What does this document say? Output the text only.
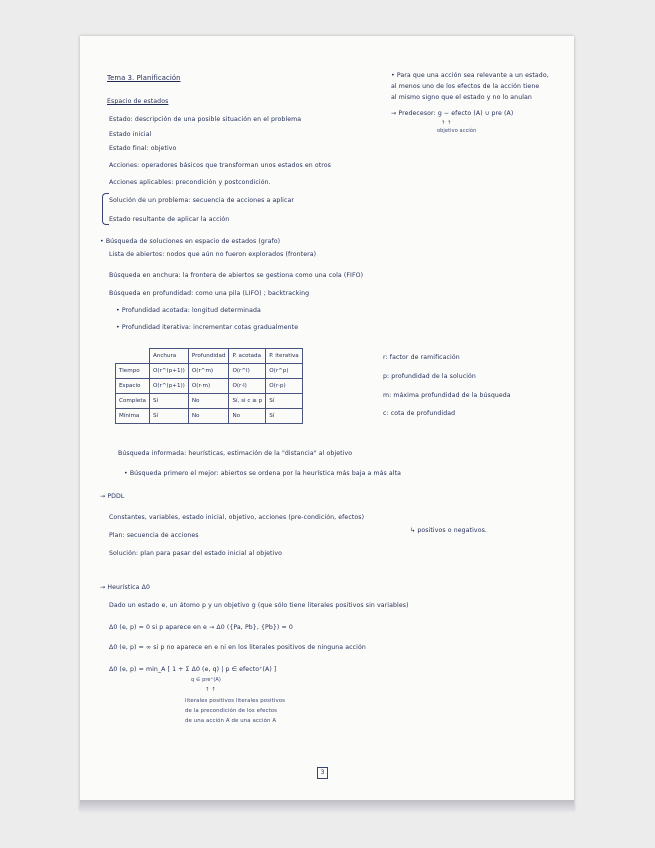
Tema 3. Planificación	• Para que una acción sea relevante a un estado,
al menos uno de los efectos de la acción tiene
al mismo signo que el estado y no lo anulan
→ Predecesor: g − efecto (A) ∪ pre (A)
↑ ↑
objetivo acción
Espacio de estados
Estado: descripción de una posible situación en el problema
Estado inicial
Estado final: objetivo
Acciones: operadores básicos que transforman unos estados en otros
Acciones aplicables: precondición y postcondición.
Solución de un problema: secuencia de acciones a aplicar
Estado resultante de aplicar la acción
• Búsqueda de soluciones en espacio de estados (grafo)
Lista de abiertos: nodos que aún no fueron explorados (frontera)
Búsqueda en anchura: la frontera de abiertos se gestiona como una cola (FIFO)
Búsqueda en profundidad: como una pila (LIFO) ; backtracking
• Profundidad acotada: longitud determinada
• Profundidad iterativa: incrementar cotas gradualmente
	Anchura	Profundidad	P. acotada	P. iterativa
Tiempo	O(r^(p+1))	O(r^m)	O(r^l)	O(r^p)
Espacio	O(r^(p+1))	O(r·m)	O(r·l)	O(r·p)
Completa	Sí	No	Sí, si c ≥ p	Sí
Mínima	Sí	No	No	Sí
r: factor de ramificación
p: profundidad de la solución
m: máxima profundidad de la búsqueda
c: cota de profundidad
Búsqueda informada: heurísticas, estimación de la "distancia" al objetivo
• Búsqueda primero el mejor: abiertos se ordena por la heurística más baja a más alta
→ PDDL
Constantes, variables, estado inicial, objetivo, acciones (pre-condición, efectos)
↳ positivos o negativos.
Plan: secuencia de acciones
Solución: plan para pasar del estado inicial al objetivo
→ Heurística Δ0
Dado un estado e, un átomo p y un objetivo g (que sólo tiene literales positivos sin variables)
Δ0 (e, p) = 0 si p aparece en e → Δ0 ({Pa, Pb}, {Pb}) = 0
Δ0 (e, p) = ∞ si p no aparece en e ni en los literales positivos de ninguna acción
Δ0 (e, p) = min_A [ 1 + Σ Δ0 (e, q) | p ∈ efecto⁺(A) ]
q ∈ pre⁺(A)
↑ ↑
literales positivos literales positivos
de la precondición de los efectos
de una acción A de una acción A
3
